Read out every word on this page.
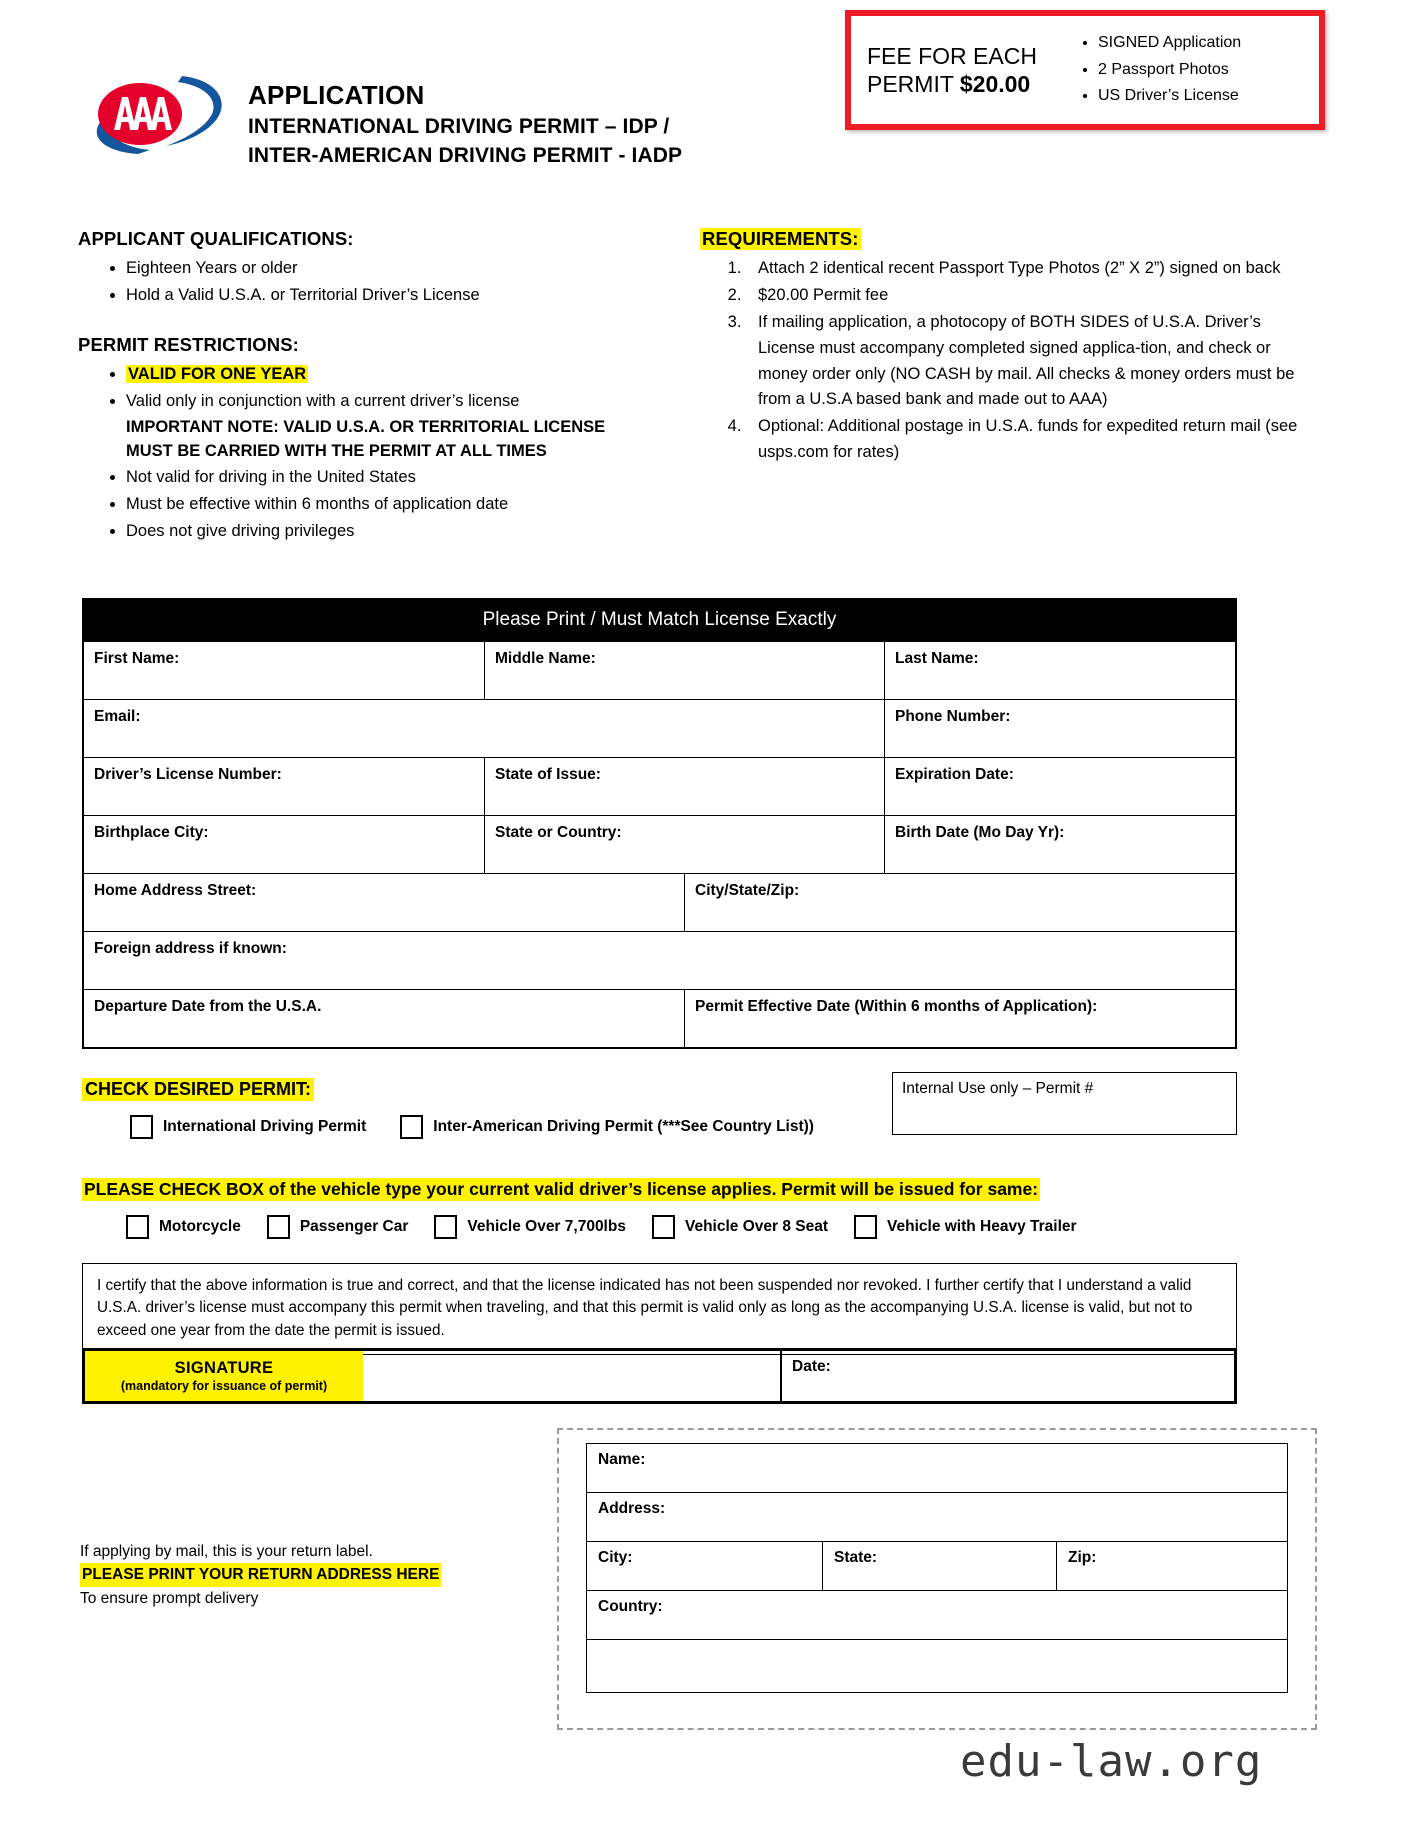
APPLICATION
INTERNATIONAL DRIVING PERMIT – IDP /
INTER-AMERICAN DRIVING PERMIT - IADP
FEE FOR EACH
PERMIT $20.00
• SIGNED Application
• 2 Passport Photos
• US Driver’s License
APPLICANT QUALIFICATIONS:
• Eighteen Years or older
• Hold a Valid U.S.A. or Territorial Driver’s License
PERMIT RESTRICTIONS:
• VALID FOR ONE YEAR
• Valid only in conjunction with a current driver’s license
IMPORTANT NOTE: VALID U.S.A. OR TERRITORIAL LICENSE
MUST BE CARRIED WITH THE PERMIT AT ALL TIMES
• Not valid for driving in the United States
• Must be effective within 6 months of application date
• Does not give driving privileges
REQUIREMENTS:
1. Attach 2 identical recent Passport Type Photos (2” X 2”) signed on back
2. $20.00 Permit fee
3. If mailing application, a photocopy of BOTH SIDES of U.S.A. Driver’s License must accompany completed signed applica-tion, and check or money order only (NO CASH by mail. All checks & money orders must be from a U.S.A based bank and made out to AAA)
4. Optional: Additional postage in U.S.A. funds for expedited return mail (see usps.com for rates)
Please Print / Must Match License Exactly
First Name:	Middle Name:	Last Name:
Email:	Phone Number:
Driver’s License Number:	State of Issue:	Expiration Date:
Birthplace City:	State or Country:	Birth Date (Mo Day Yr):
Home Address Street:	City/State/Zip:
Foreign address if known:
Departure Date from the U.S.A.	Permit Effective Date (Within 6 months of Application):
CHECK DESIRED PERMIT:	Internal Use only – Permit #
International Driving Permit	Inter-American Driving Permit (***See Country List))
PLEASE CHECK BOX of the vehicle type your current valid driver’s license applies. Permit will be issued for same:
Motorcycle	Passenger Car	Vehicle Over 7,700lbs	Vehicle Over 8 Seat	Vehicle with Heavy Trailer

I certify that the above information is true and correct, and that the license indicated has not been suspended nor revoked. I further certify that I understand a valid U.S.A. driver’s license must accompany this permit when traveling, and that this permit is valid only as long as the accompanying U.S.A. license is valid, but not to exceed one year from the date the permit is issued.

SIGNATURE
(mandatory for issuance of permit)
Date:
If applying by mail, this is your return label.
PLEASE PRINT YOUR RETURN ADDRESS HERE
To ensure prompt delivery
Name:
Address:
City:	State:	Zip:
Country:
edu-law.org
